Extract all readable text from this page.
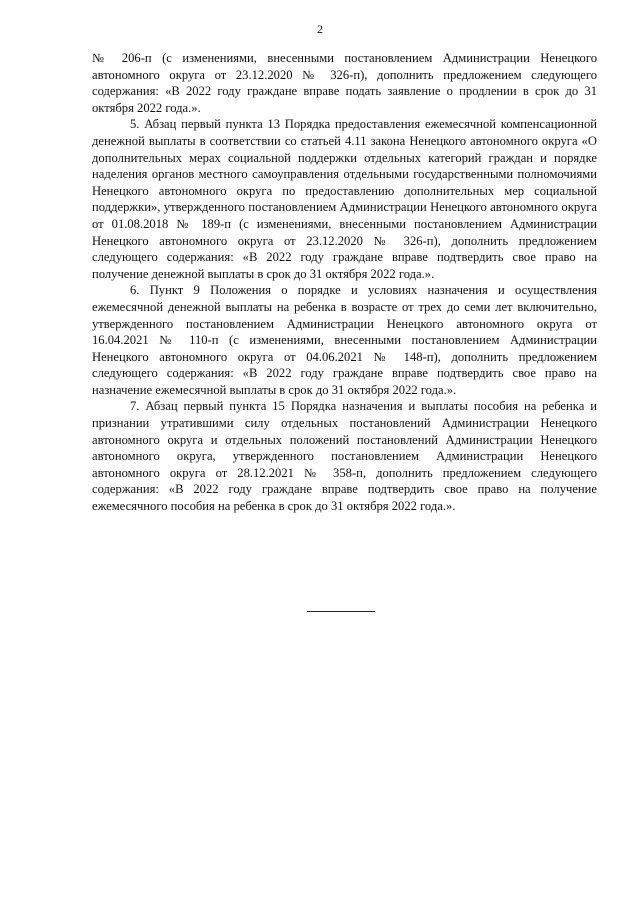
2

№ 206-п (с изменениями, внесенными постановлением Администрации Ненецкого автономного округа от 23.12.2020 № 326-п), дополнить предложением следующего содержания: «В 2022 году граждане вправе подать заявление о продлении в срок до 31 октября 2022 года.».

5. Абзац первый пункта 13 Порядка предоставления ежемесячной компенсационной денежной выплаты в соответствии со статьей 4.11 закона Ненецкого автономного округа «О дополнительных мерах социальной поддержки отдельных категорий граждан и порядке наделения органов местного самоуправления отдельными государственными полномочиями Ненецкого автономного округа по предоставлению дополнительных мер социальной поддержки», утвержденного постановлением Администрации Ненецкого автономного округа от 01.08.2018 № 189-п (с изменениями, внесенными постановлением Администрации Ненецкого автономного округа от 23.12.2020 № 326-п), дополнить предложением следующего содержания: «В 2022 году граждане вправе подтвердить свое право на получение денежной выплаты в срок до 31 октября 2022 года.».

6. Пункт 9 Положения о порядке и условиях назначения и осуществления ежемесячной денежной выплаты на ребенка в возрасте от трех до семи лет включительно, утвержденного постановлением Администрации Ненецкого автономного округа от 16.04.2021 № 110-п (с изменениями, внесенными постановлением Администрации Ненецкого автономного округа от 04.06.2021 № 148-п), дополнить предложением следующего содержания: «В 2022 году граждане вправе подтвердить свое право на назначение ежемесячной выплаты в срок до 31 октября 2022 года.».

7. Абзац первый пункта 15 Порядка назначения и выплаты пособия на ребенка и признании утратившими силу отдельных постановлений Администрации Ненецкого автономного округа и отдельных положений постановлений Администрации Ненецкого автономного округа, утвержденного постановлением Администрации Ненецкого автономного округа от 28.12.2021 № 358-п, дополнить предложением следующего содержания: «В 2022 году граждане вправе подтвердить свое право на получение ежемесячного пособия на ребенка в срок до 31 октября 2022 года.».
